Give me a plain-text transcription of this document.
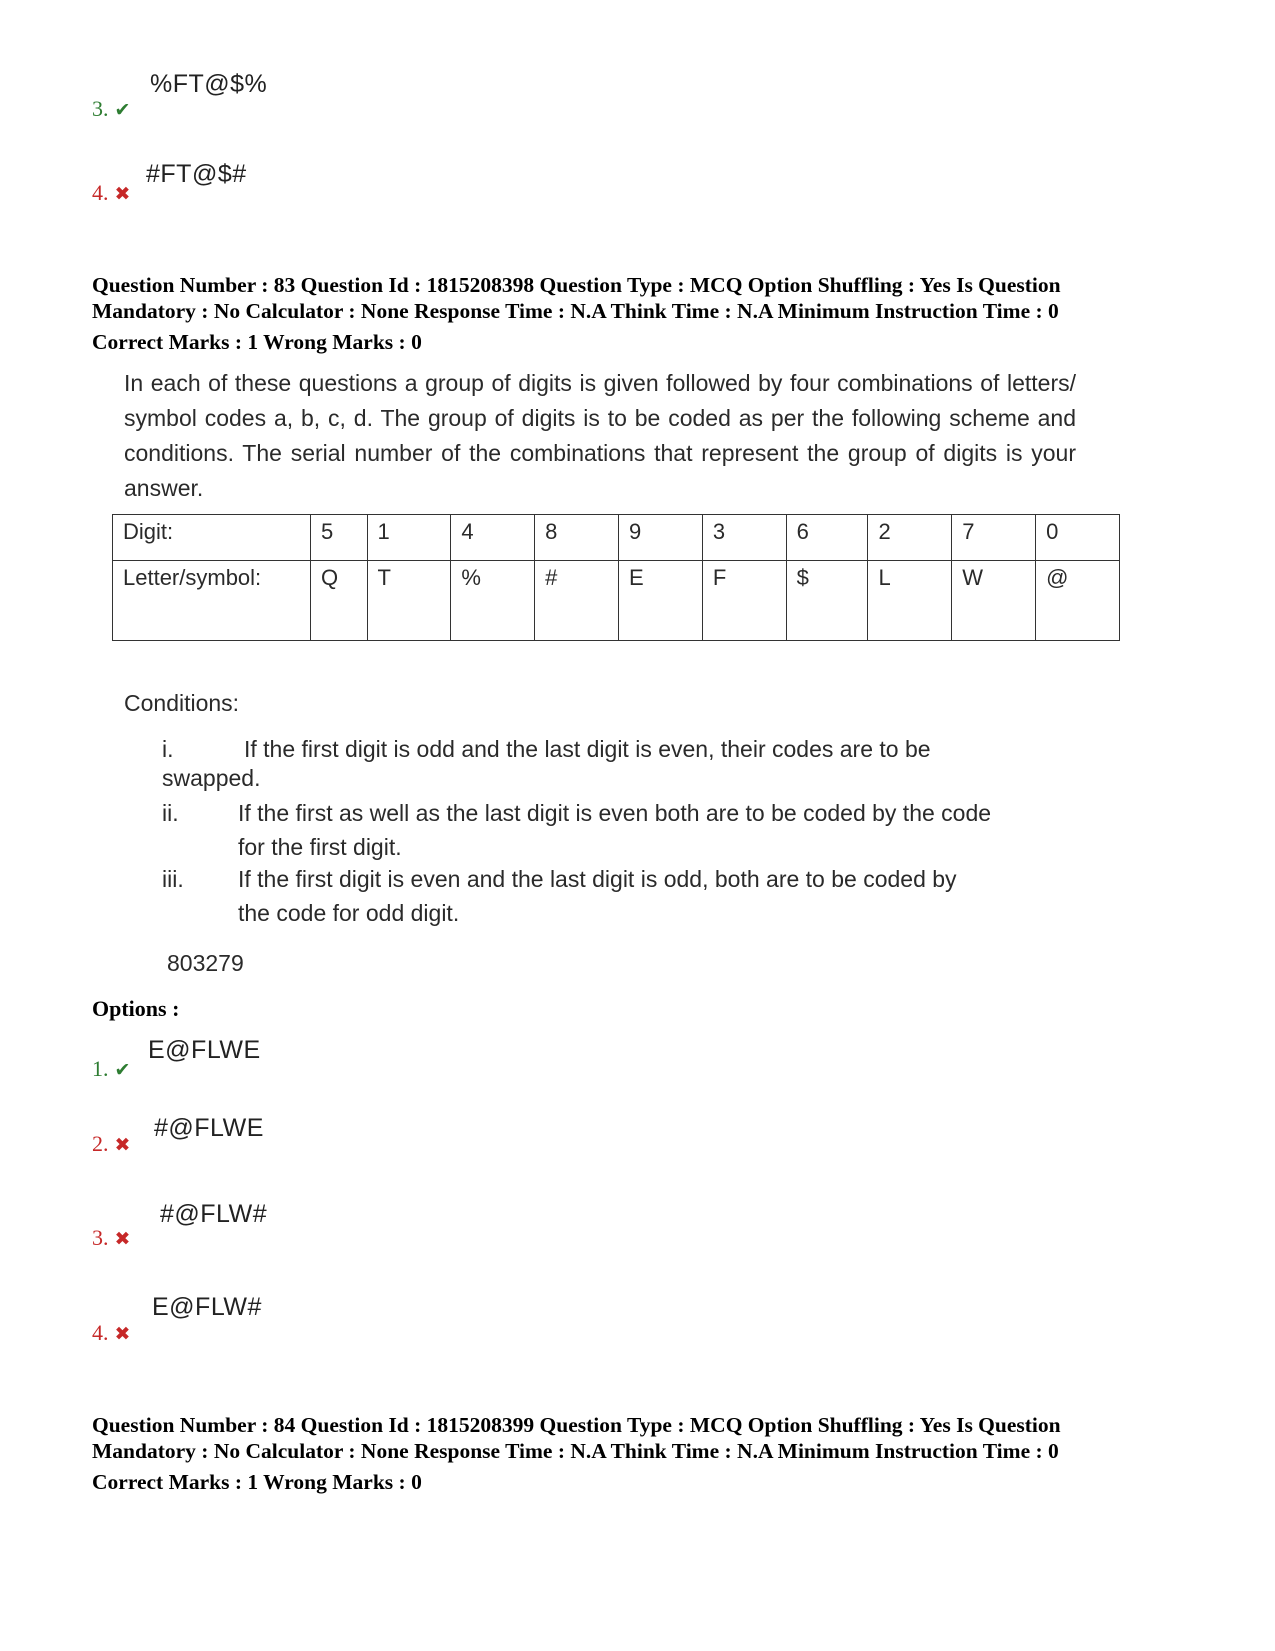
%FT@$%
3. ✔
#FT@$#
4. ✖
Question Number : 83 Question Id : 1815208398 Question Type : MCQ Option Shuffling : Yes Is Question
Mandatory : No Calculator : None Response Time : N.A Think Time : N.A Minimum Instruction Time : 0
Correct Marks : 1 Wrong Marks : 0
In each of these questions a group of digits is given followed by four combinations of letters/ symbol codes a, b, c, d. The group of digits is to be coded as per the following scheme and conditions. The serial number of the combinations that represent the group of digits is your answer.
Digit:	5	1	4	8	9	3	6	2	7	0
Letter/symbol:	Q	T	%	#	E	F	$	L	W	@
Conditions:
i.	If the first digit is odd and the last digit is even, their codes are to be
swapped.
ii.	If the first as well as the last digit is even both are to be coded by the code
for the first digit.
iii. If the first digit is even and the last digit is odd, both are to be coded by
the code for odd digit.
803279
Options :
E@FLWE
1. ✔
#@FLWE
2. ✖
#@FLW#
3. ✖
E@FLW#
4. ✖
Question Number : 84 Question Id : 1815208399 Question Type : MCQ Option Shuffling : Yes Is Question
Mandatory : No Calculator : None Response Time : N.A Think Time : N.A Minimum Instruction Time : 0
Correct Marks : 1 Wrong Marks : 0
